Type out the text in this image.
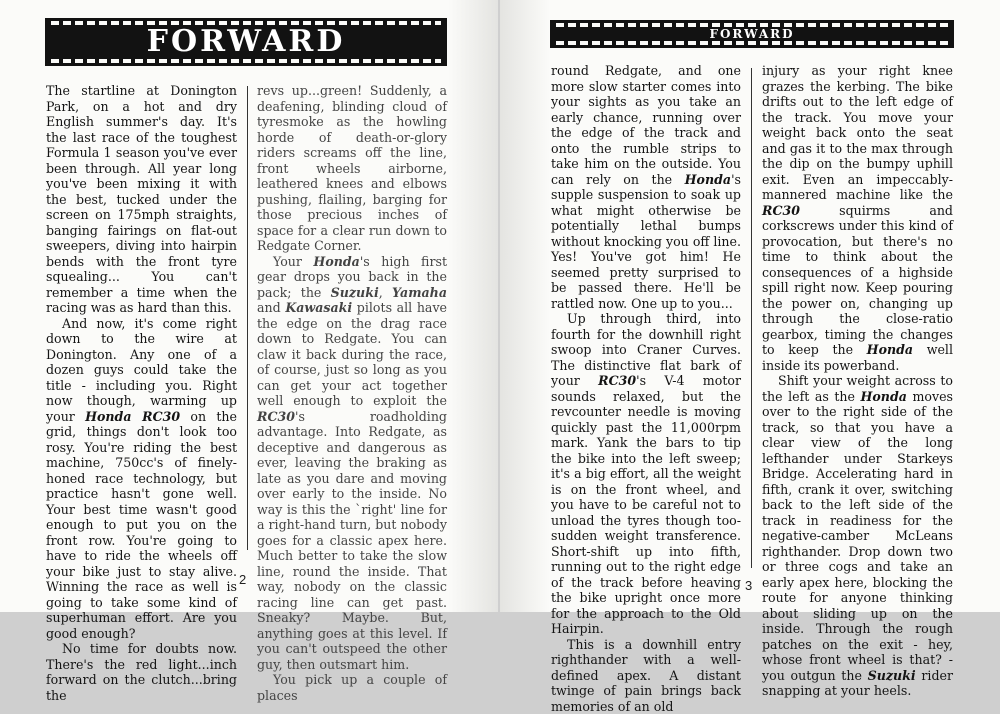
FORWARD

The startline at Donington Park, on a hot and dry English summer's day. It's the last race of the toughest Formula 1 season you've ever been through. All year long you've been mixing it with the best, tucked under the screen on 175mph straights, banging fairings on flat-out sweepers, diving into hairpin bends with the front tyre squealing... You can't remember a time when the racing was as hard than this.

And now, it's come right down to the wire at Donington. Any one of a dozen guys could take the title - including you. Right now though, warming up your Honda RC30 on the grid, things don't look too rosy. You're riding the best machine, 750cc's of finely-honed race technology, but practice hasn't gone well. Your best time wasn't good enough to put you on the front row. You're going to have to ride the wheels off your bike just to stay alive. Winning the race as well is going to take some kind of superhuman effort. Are you good enough?

No time for doubts now. There's the red light...inch forward on the clutch...bring the

revs up...green! Suddenly, a deafening, blinding cloud of tyresmoke as the howling horde of death-or-glory riders screams off the line, front wheels airborne, leathered knees and elbows pushing, flailing, barging for those precious inches of space for a clear run down to Redgate Corner.

Your Honda's high first gear drops you back in the pack; the Suzuki, Yamaha and Kawasaki pilots all have the edge on the drag race down to Redgate. You can claw it back during the race, of course, just so long as you can get your act together well enough to exploit the RC30's roadholding advantage. Into Redgate, as deceptive and dangerous as ever, leaving the braking as late as you dare and moving over early to the inside. No way is this the `right' line for a right-hand turn, but nobody goes for a classic apex here. Much better to take the slow line, round the inside. That way, nobody on the classic racing line can get past. Sneaky? Maybe. But, anything goes at this level. If you can't outspeed the other guy, then outsmart him.

You pick up a couple of places

2
FORWARD

round Redgate, and one more slow starter comes into your sights as you take an early chance, running over the edge of the track and onto the rumble strips to take him on the outside. You can rely on the Honda's supple suspension to soak up what might otherwise be potentially lethal bumps without knocking you off line. Yes! You've got him! He seemed pretty surprised to be passed there. He'll be rattled now. One up to you...

Up through third, into fourth for the downhill right swoop into Craner Curves. The distinctive flat bark of your RC30's V-4 motor sounds relaxed, but the revcounter needle is moving quickly past the 11,000rpm mark. Yank the bars to tip the bike into the left sweep; it's a big effort, all the weight is on the front wheel, and you have to be careful not to unload the tyres though too-sudden weight transference. Short-shift up into fifth, running out to the right edge of the track before heaving the bike upright once more for the approach to the Old Hairpin.

This is a downhill entry righthander with a well-defined apex. A distant twinge of pain brings back memories of an old

injury as your right knee grazes the kerbing. The bike drifts out to the left edge of the track. You move your weight back onto the seat and gas it to the max through the dip on the bumpy uphill exit. Even an impeccably-mannered machine like the RC30 squirms and corkscrews under this kind of provocation, but there's no time to think about the consequences of a highside spill right now. Keep pouring the power on, changing up through the close-ratio gearbox, timing the changes to keep the Honda well inside its powerband.

Shift your weight across to the left as the Honda moves over to the right side of the track, so that you have a clear view of the long lefthander under Starkeys Bridge. Accelerating hard in fifth, crank it over, switching back to the left side of the track in readiness for the negative-camber McLeans righthander. Drop down two or three cogs and take an early apex here, blocking the route for anyone thinking about sliding up on the inside. Through the rough patches on the exit - hey, whose front wheel is that? - you outgun the Suzuki rider snapping at your heels.

3
